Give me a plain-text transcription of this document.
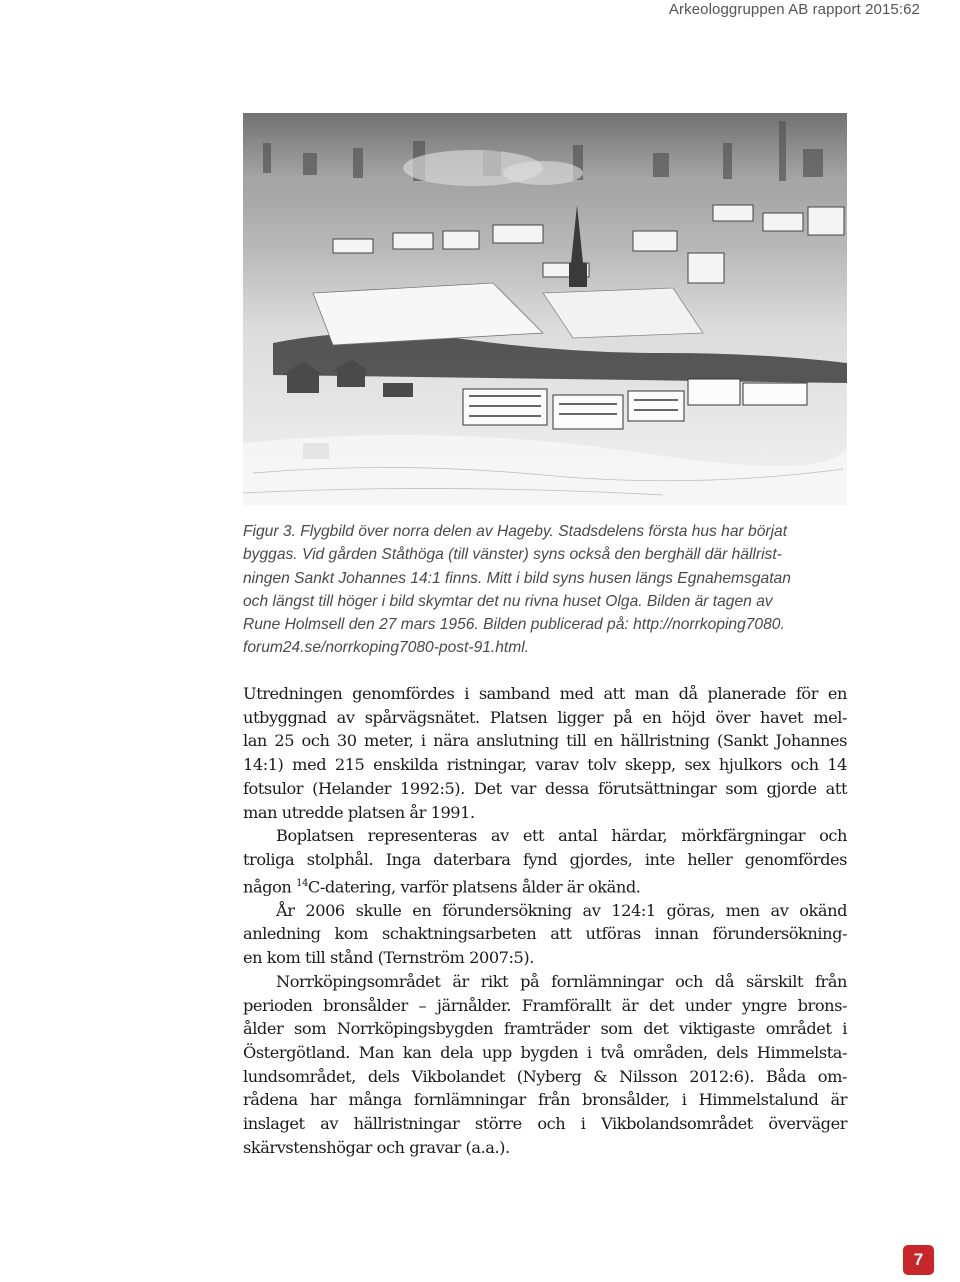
Arkeologgruppen AB rapport 2015:62
Figur 3. Flygbild över norra delen av Hageby. Stadsdelens första hus har börjat
byggas. Vid gården Ståthöga (till vänster) syns också den berghäll där hällrist-
ningen Sankt Johannes 14:1 finns. Mitt i bild syns husen längs Egnahemsgatan
och längst till höger i bild skymtar det nu rivna huset Olga. Bilden är tagen av
Rune Holmsell den 27 mars 1956. Bilden publicerad på: http://norrkoping7080.
forum24.se/norrkoping7080-post-91.html.
Utredningen genomfördes i samband med att man då planerade för en
utbyggnad av spårvägsnätet. Platsen ligger på en höjd över havet mel-
lan 25 och 30 meter, i nära anslutning till en hällristning (Sankt Johannes
14:1) med 215 enskilda ristningar, varav tolv skepp, sex hjulkors och 14
fotsulor (Helander 1992:5). Det var dessa förutsättningar som gjorde att
man utredde platsen år 1991.
Boplatsen representeras av ett antal härdar, mörkfärgningar och
troliga stolphål. Inga daterbara fynd gjordes, inte heller genomfördes
någon $^{14}$C-datering, varför platsens ålder är okänd.
År 2006 skulle en förundersökning av 124:1 göras, men av okänd
anledning kom schaktningsarbeten att utföras innan förundersökning-
en kom till stånd (Ternström 2007:5).
Norrköpingsområdet är rikt på fornlämningar och då särskilt från
perioden bronsålder – järnålder. Framförallt är det under yngre brons-
ålder som Norrköpingsbygden framträder som det viktigaste området i
Östergötland. Man kan dela upp bygden i två områden, dels Himmelsta-
lundsområdet, dels Vikbolandet (Nyberg & Nilsson 2012:6). Båda om-
rådena har många fornlämningar från bronsålder, i Himmelstalund är
inslaget av hällristningar större och i Vikbolandsområdet överväger
skärvstenshögar och gravar (a.a.).
7
